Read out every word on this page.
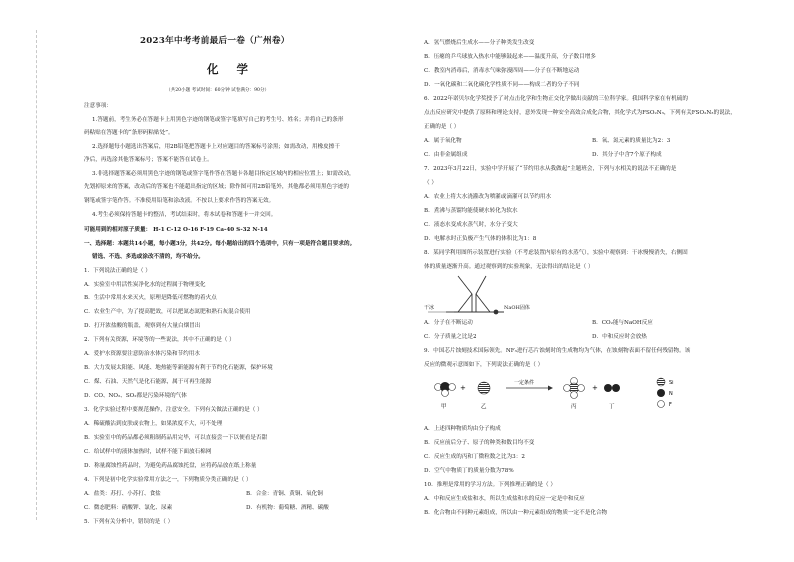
2023年中考考前最后一卷（广州卷）
化学
（共20小题 考试时间：60分钟 试卷满分：90分）
注意事项：
1.答题前，考生务必在答题卡上用黑色字迹的钢笔或签字笔填写自己的考生号、姓名；并将自己的条形
码粘贴在答题卡的“条形码粘贴处”。
2.选择题每小题选出答案后，用2B铅笔把答题卡上对应题目的答案标号涂黑；如需改动，用橡皮擦干
净后，再选涂其他答案标号；答案不能答在试卷上。
3.非选择题答案必须用黑色字迹的钢笔或签字笔作答在答题卡各题目指定区域内的相应位置上；如需改动，
先划掉原来的答案，改动后的答案也不能超出指定的区域；除作图可用2B铅笔外，其他都必须用黑色字迹的
钢笔或签字笔作答。不准使用铅笔和涂改液。不按以上要求作答的答案无效。
4.考生必须保持答题卡的整洁，考试结束时，将本试卷和答题卡一并交回。
可能用到的相对原子质量： H-1 C-12 O-16 F-19 Ca-40 S-32 N-14
一、选择题：本题共14小题，每小题3分，共42分。每小题给出的四个选项中，只有一项是符合题目要求的。
错选、不选、多选或涂改不清的，均不给分。
1．下列说法正确的是（ ）
A．实验室中用活性炭净化水的过程属于物理变化
B．生活中常用水来灭火，原理是降低可燃物的着火点
C．农业生产中，为了提高肥效，可以把氮态氮肥和熟石灰混合使用
D．打开浓盐酸的瓶盖，观察到有大量白烟冒出
2．下列有关资源，环境等的一些说法，其中不正确的是（ ）
A．爱护水资源要注意防治水体污染和节约用水
B．大力发展太阳能、风能、地热能等新能源有利于节约化石能源，保护环境
C．煤、石油、天然气是化石能源，属于可再生能源
D．CO、NO₂、SO₂都是污染环境的气体
3．化学实验过程中要规范操作，注意安全。下列有关做法正确的是（ ）
A．稀硫酸沾到皮肤或衣物上，如果浓度不大，可不处理
B．实验室中的药品都必须粗制药品用完毕，可以直接尝一下以便看是否甜
C．给试样中的液体加热时，试样不能下面放石棉网
D．称量腐蚀性药品时，为避免药品腐蚀托盘，应将药品放在纸上称量
4．下列是初中化学实验常用方法之一，下列物质分类正确的是（ ）
A．盐类：苏打、小苏打、食盐	B．合金：青铜、黄铜、氧化铜
C．微态肥料：硝酸钾、氯化、尿素	D．有机物：葡萄糖、酒精、碳酸
5．下列有关分析中，错误的是（ ）
A．氢气燃烧后生成水——分子种类发生改变
B．压瘪的乒乓球放入热水中能够鼓起来——温度升高，分子数目增多
C．教室内消毒后，消毒水气味弥漫四周——分子在不断地运动
D．一氧化碳和二氧化碳化学性质不同——构成二者的分子不同
6．2022年诺贝尔化学奖授予了对点击化学和生物正交化学做出贡献的三位科学家。我国科学家在有机硫的
点击反应研究中提供了原料和理论支持，意外发现一种安全高效合成化合物，其化学式为FSO₂N₃，下列有关FSO₂N₃的说法，
正确的是（ ）
A．属于氧化物	B．氧、氮元素的质量比为2：3
C．由非金属组成	D．其分子中含7个原子构成
7．2023年3月22日，实验中学开展了“节约用水从我做起”主题班会，下列与水相关的说法不正确的是
（ ）
A．农业上将大水浇灌改为喷灌或滴灌可以节约用水
B．煮沸与蒸馏均能使硬水转化为软水
C．液态水变成水蒸气时，水分子变大
D．电解水时正负极产生气体的体积比为1：8
8．某同学利用图所示装置进行实验（不考虑装置内原有的水蒸气），实验中观察到：干冰慢慢消失，右侧固
体的质量逐渐升高。通过观察到的实验现象，无法得出的结论是（ ）
干冰	NaOH固体
A．分子在不断运动	B．CO₂能与NaOH反应
C．分子质量之比是2	D．中和反应时会放热
9．中国芯片蚀刻技术国际领先。NF₃进行芯片蚀刻时的生成物均为气体，在蚀刻物表面不留任何残留物。该
反应的微观示意图如下，下列说法正确的是（ ）
甲
+
乙
一定条件
丙
+
丁
Si
N
F
A．上述四种物质均由分子构成
B．反应前后分子、原子的种类和数目均不变
C．反应生成的丙和丁微粒数之比为3：2
D．空气中物质丁的质量分数为78%
10．推理是常用的学习方法。下列推理正确的是（ ）
A．中和反应生成盐和水，所以生成盐和水的反应一定是中和反应
B．化合物由不同种元素组成，所以由一种元素组成的物质一定不是化合物
